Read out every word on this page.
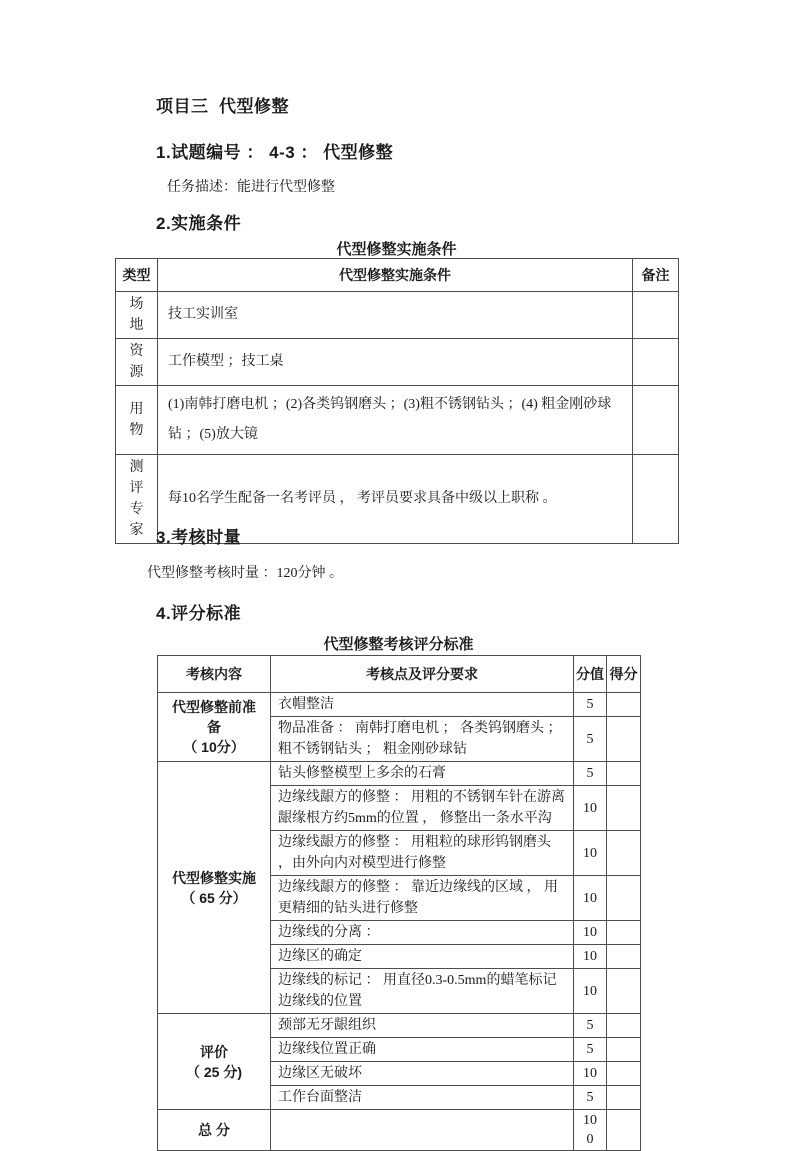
项目三  代型修整
1.试题编号 ： 4-3 ： 代型修整
任务描述：能进行代型修整
2.实施条件
代型修整实施条件
类型	代型修整实施条件	备注
场地	技工实训室	
资源	工作模型 ；技工桌	
用物	(1)南韩打磨电机 ；(2)各类钨钢磨头 ；(3)粗不锈钢钻头 ；(4) 粗金刚砂球钻 ；(5)放大镜	
测评专家	每10名学生配备一名考评员 ， 考评员要求具备中级以上职称 。	
3.考核时量
代型修整考核时量 ：120分钟 。
4.评分标准
代型修整考核评分标准
考核内容	考核点及评分要求	分值	得分

代型修整前准备
（ 10分）	衣帽整洁	5	
	物品准备 ： 南韩打磨电机 ； 各类钨钢磨头 ； 粗不锈钢钻头 ； 粗金刚砂球钻	5	

代型修整实施
（ 65 分）	钻头修整模型上多余的石膏	5	
	边缘线龈方的修整 ： 用粗的不锈钢车针在游离龈缘根方约5mm的位置 ， 修整出一条水平沟	10	
	边缘线龈方的修整 ： 用粗粒的球形钨钢磨头 ，由外向内对模型进行修整	10	
	边缘线龈方的修整 ： 靠近边缘线的区域 ， 用更精细的钻头进行修整	10	
	边缘线的分离 ：	10	
	边缘区的确定	10	
	边缘线的标记 ： 用直径0.3-0.5mm的蜡笔标记边缘线的位置	10	

评价
（ 25 分)	颈部无牙龈组织	5	
	边缘线位置正确	5	
	边缘区无破坏	10	
	工作台面整洁	5	
总 分		100	
